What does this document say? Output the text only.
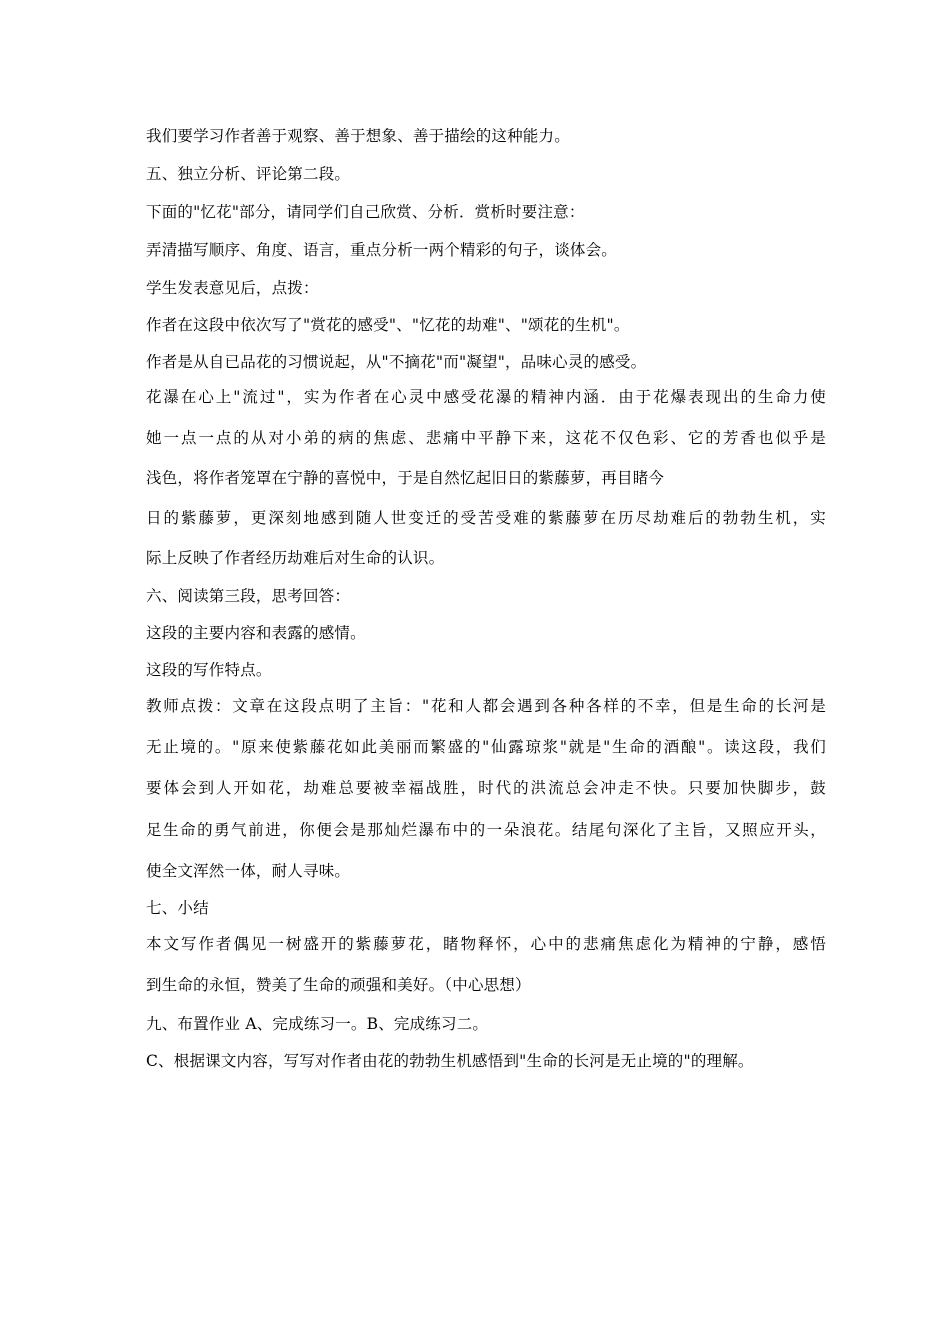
我们要学习作者善于观察、善于想象、善于描绘的这种能力。
五、独立分析、评论第二段。
下面的"忆花"部分，请同学们自己欣赏、分析．赏析时要注意：
弄清描写顺序、角度、语言，重点分析一两个精彩的句子，谈体会。
学生发表意见后，点拨：
作者在这段中依次写了"赏花的感受"、"忆花的劫难"、"颂花的生机"。
作者是从自已品花的习惯说起，从"不摘花"而"凝望"，品味心灵的感受。
花瀑在心上"流过"，实为作者在心灵中感受花瀑的精神内涵．由于花爆表现出的生命力使
她一点一点的从对小弟的病的焦虑、悲痛中平静下来，这花不仅色彩、它的芳香也似乎是
浅色，将作者笼罩在宁静的喜悦中，于是自然忆起旧日的紫藤萝，再目睹今
日的紫藤萝，更深刻地感到随人世变迁的受苦受难的紫藤萝在历尽劫难后的勃勃生机，实
际上反映了作者经历劫难后对生命的认识。
六、阅读第三段，思考回答：
这段的主要内容和表露的感情。
这段的写作特点。
教师点拨：文章在这段点明了主旨："花和人都会遇到各种各样的不幸，但是生命的长河是
无止境的。"原来使紫藤花如此美丽而繁盛的"仙露琼浆"就是"生命的酒酿"。读这段，我们
要体会到人开如花，劫难总要被幸福战胜，时代的洪流总会冲走不快。只要加快脚步，鼓
足生命的勇气前进，你便会是那灿烂瀑布中的一朵浪花。结尾句深化了主旨，又照应开头，
使全文浑然一体，耐人寻味。
七、小结
本文写作者偶见一树盛开的紫藤萝花，睹物释怀，心中的悲痛焦虑化为精神的宁静，感悟
到生命的永恒，赞美了生命的顽强和美好。（中心思想）
九、布置作业 A、完成练习一。B、完成练习二。
C、根据课文内容，写写对作者由花的勃勃生机感悟到"生命的长河是无止境的"的理解。
